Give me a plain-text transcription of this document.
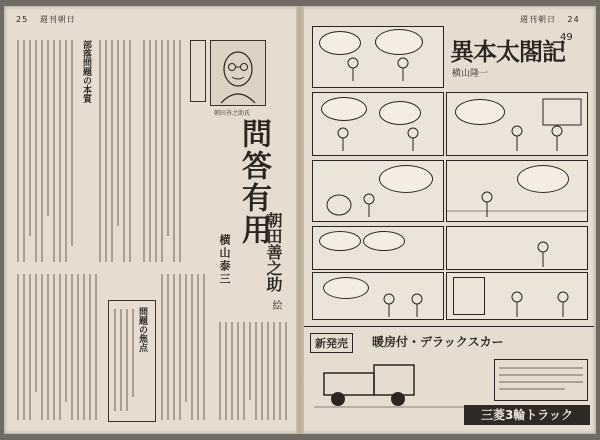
25 週刊朝日
部落問題の本質
朝田善之助氏
問答有用
朝田善之助
横山泰三
絵
問題の焦点
週刊朝日 24
異本太閤記
49
横山隆一
新発売	暖房付・デラックスカー
三菱3輪トラック
